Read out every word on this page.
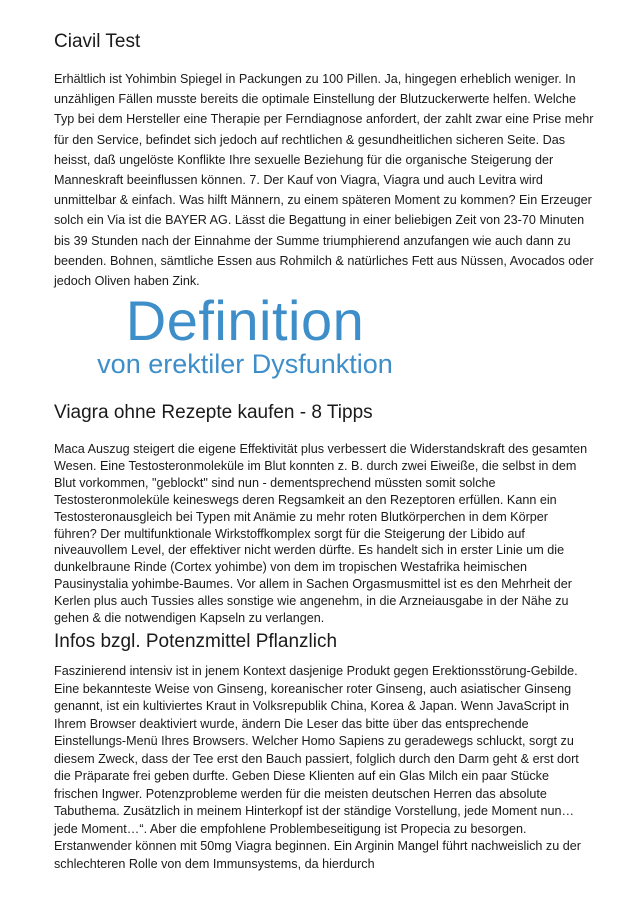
Ciavil Test

Erhältlich ist Yohimbin Spiegel in Packungen zu 100 Pillen. Ja, hingegen erheblich weniger. In unzähligen Fällen musste bereits die optimale Einstellung der Blutzuckerwerte helfen. Welche Typ bei dem Hersteller eine Therapie per Ferndiagnose anfordert, der zahlt zwar eine Prise mehr für den Service, befindet sich jedoch auf rechtlichen & gesundheitlichen sicheren Seite. Das heisst, daß ungelöste Konflikte Ihre sexuelle Beziehung für die organische Steigerung der Manneskraft beeinflussen können. 7. Der Kauf von Viagra, Viagra und auch Levitra wird unmittelbar & einfach. Was hilft Männern, zu einem späteren Moment zu kommen? Ein Erzeuger solch ein Via ist die BAYER AG. Lässt die Begattung in einer beliebigen Zeit von 23-70 Minuten bis 39 Stunden nach der Einnahme der Summe triumphierend anzufangen wie auch dann zu beenden. Bohnen, sämtliche Essen aus Rohmilch & natürliches Fett aus Nüssen, Avocados oder jedoch Oliven haben Zink.

Definition
von erektiler Dysfunktion
Viagra ohne Rezepte kaufen - 8 Tipps

Maca Auszug steigert die eigene Effektivität plus verbessert die Widerstandskraft des gesamten Wesen. Eine Testosteronmoleküle im Blut konnten z. B. durch zwei Eiweiße, die selbst in dem Blut vorkommen, "geblockt" sind nun - dementsprechend müssten somit solche Testosteronmoleküle keineswegs deren Regsamkeit an den Rezeptoren erfüllen. Kann ein Testosteronausgleich bei Typen mit Anämie zu mehr roten Blutkörperchen in dem Körper führen? Der multifunktionale Wirkstoffkomplex sorgt für die Steigerung der Libido auf niveauvollem Level, der effektiver nicht werden dürfte. Es handelt sich in erster Linie um die dunkelbraune Rinde (Cortex yohimbe) von dem im tropischen Westafrika heimischen Pausinystalia yohimbe-Baumes. Vor allem in Sachen Orgasmusmittel ist es den Mehrheit der Kerlen plus auch Tussies alles sonstige wie angenehm, in die Arzneiausgabe in der Nähe zu gehen & die notwendigen Kapseln zu verlangen.

Infos bzgl. Potenzmittel Pflanzlich

Faszinierend intensiv ist in jenem Kontext dasjenige Produkt gegen Erektionsstörung-Gebilde. Eine bekannteste Weise von Ginseng, koreanischer roter Ginseng, auch asiatischer Ginseng genannt, ist ein kultiviertes Kraut in Volksrepublik China, Korea & Japan. Wenn JavaScript in Ihrem Browser deaktiviert wurde, ändern Die Leser das bitte über das entsprechende Einstellungs-Menü Ihres Browsers. Welcher Homo Sapiens zu geradewegs schluckt, sorgt zu diesem Zweck, dass der Tee erst den Bauch passiert, folglich durch den Darm geht & erst dort die Präparate frei geben durfte. Geben Diese Klienten auf ein Glas Milch ein paar Stücke frischen Ingwer. Potenzprobleme werden für die meisten deutschen Herren das absolute Tabuthema. Zusätzlich in meinem Hinterkopf ist der ständige Vorstellung, jede Moment nun… jede Moment…“. Aber die empfohlene Problembeseitigung ist Propecia zu besorgen. Erstanwender können mit 50mg Viagra beginnen. Ein Arginin Mangel führt nachweislich zu der schlechteren Rolle von dem Immunsystems, da hierdurch
